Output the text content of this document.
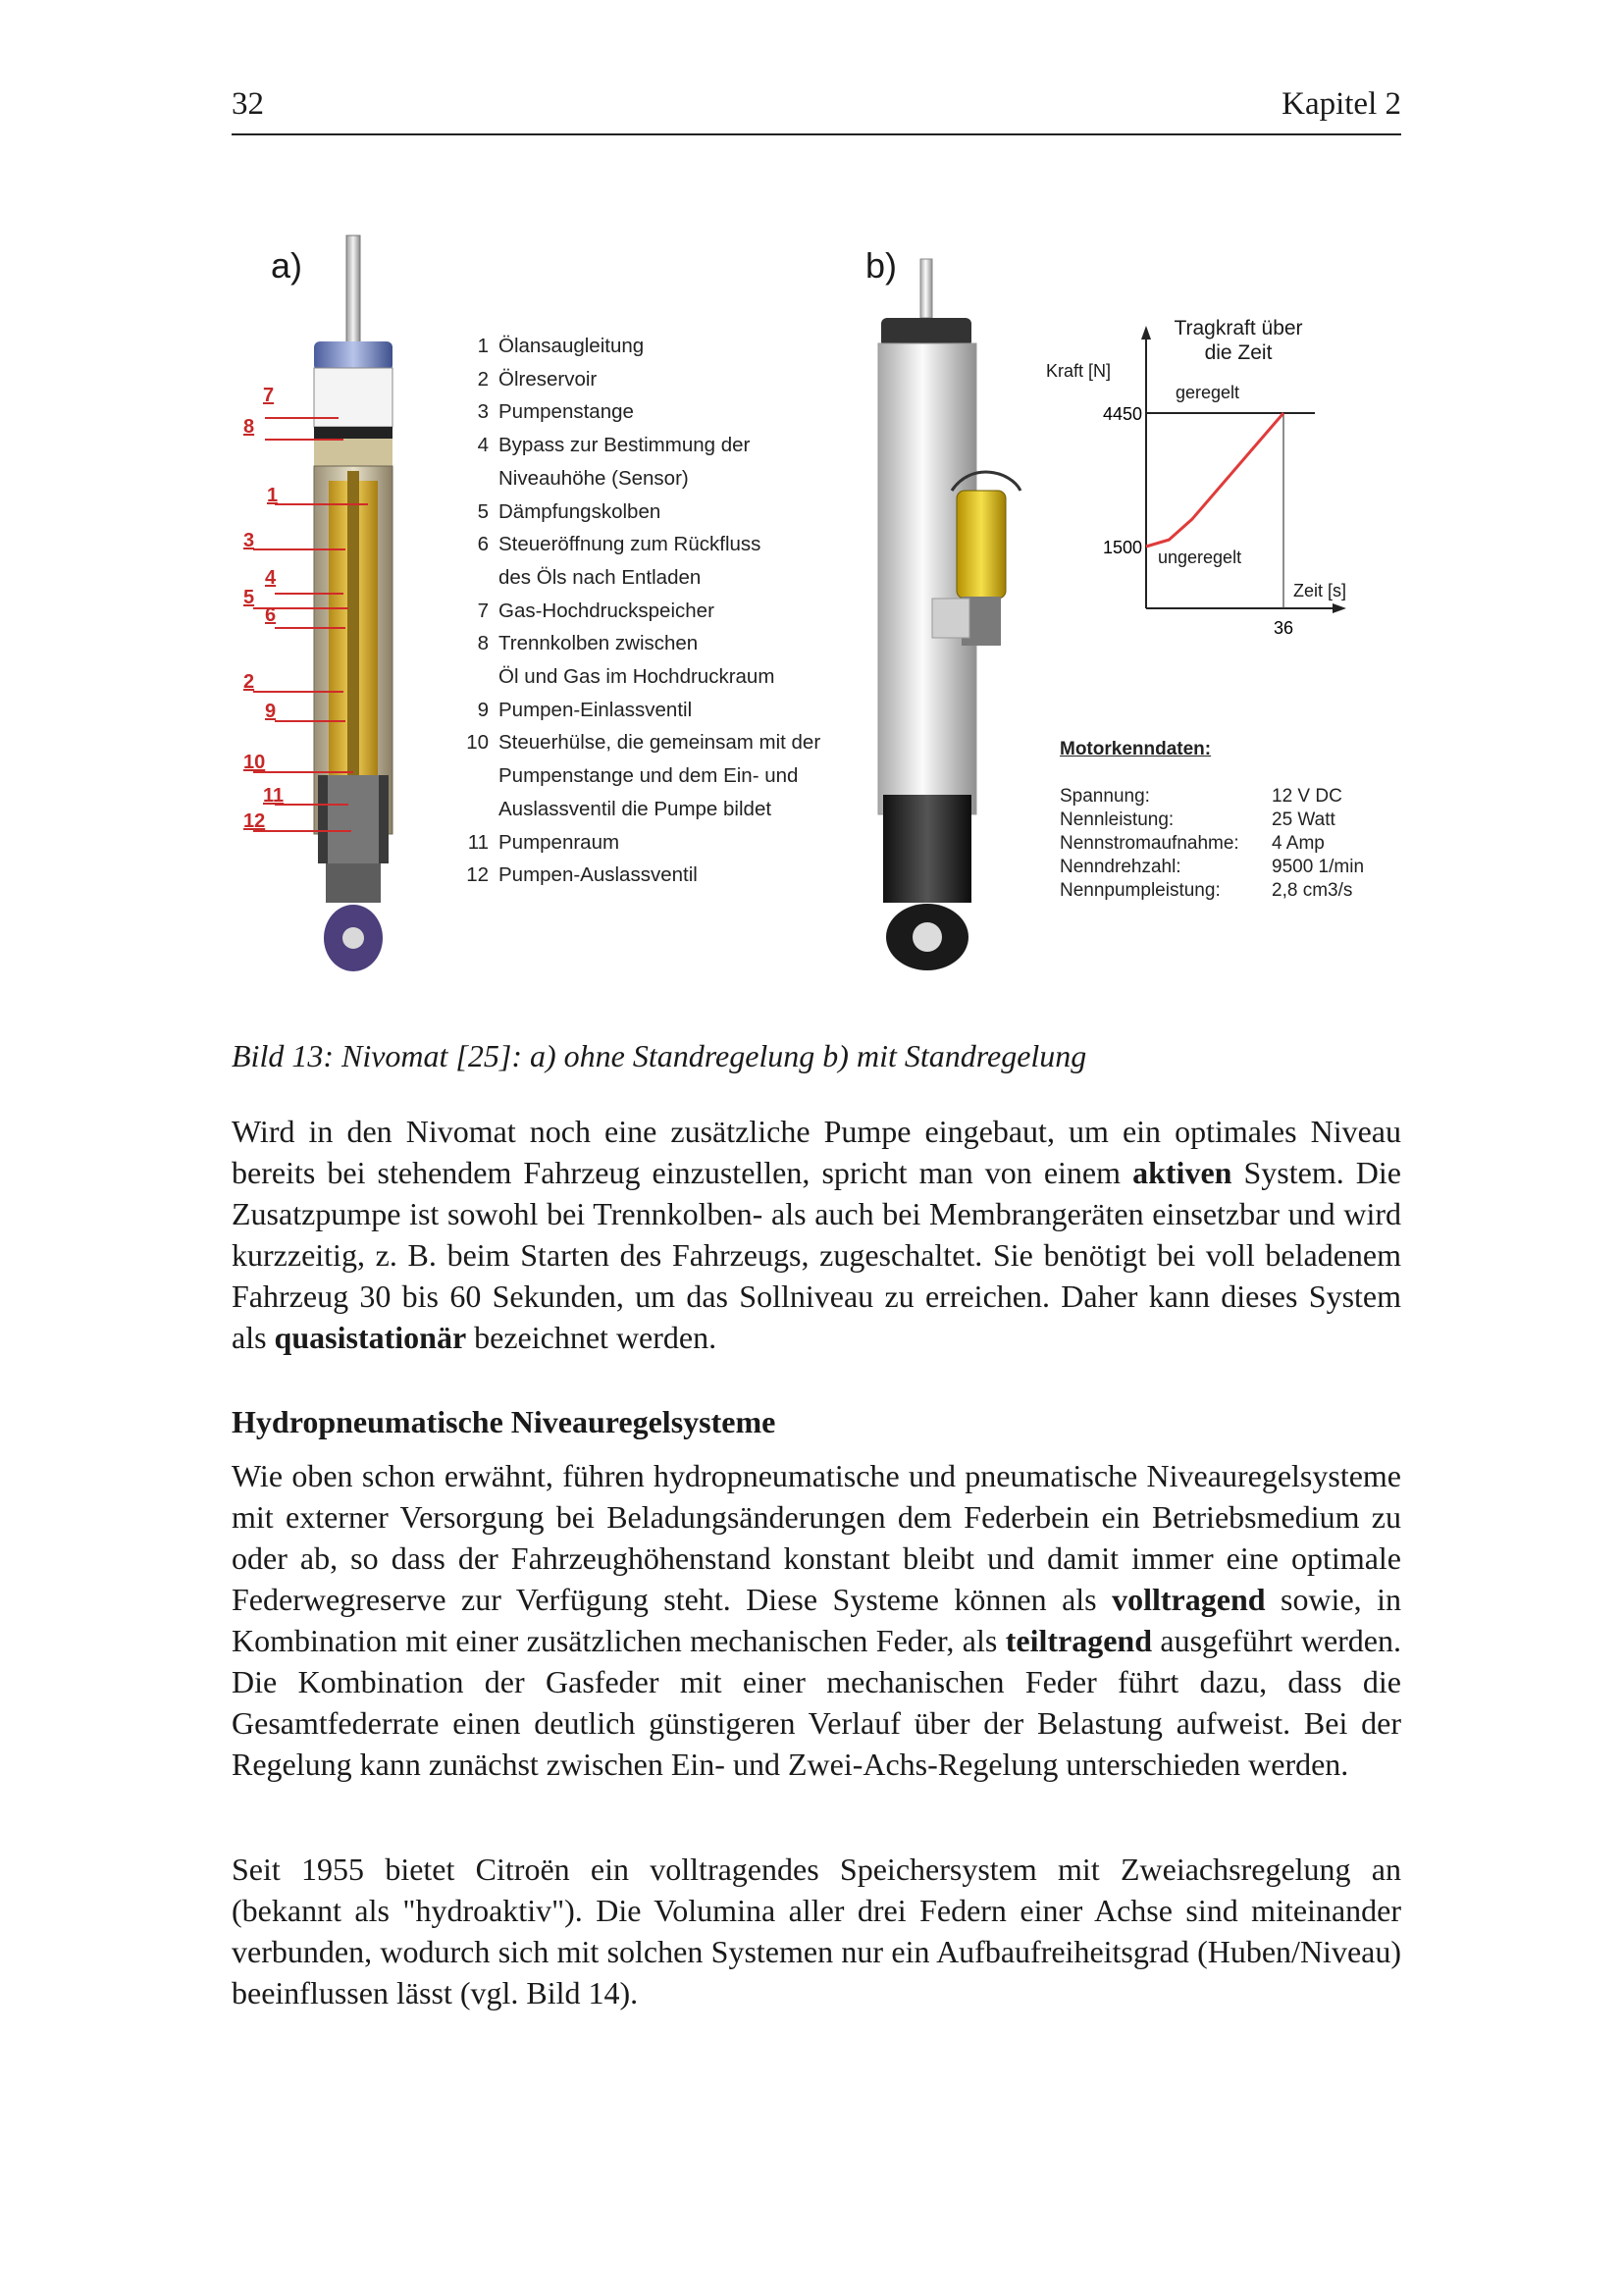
32	Kapitel 2
a)
7
8
1
3
4
5
6
2
9
10
11
12
1 Ölansaugleitung
2 Ölreservoir
3 Pumpenstange
4 Bypass zur Bestimmung der
Niveauhöhe (Sensor)
5 Dämpfungskolben
6 Steueröffnung zum Rückfluss
des Öls nach Entladen
7 Gas-Hochdruckspeicher
8 Trennkolben zwischen
Öl und Gas im Hochdruckraum
9 Pumpen-Einlassventil
10 Steuerhülse, die gemeinsam mit der
Pumpenstange und dem Ein- und
Auslassventil die Pumpe bildet
11 Pumpenraum
12 Pumpen-Auslassventil
b)
4450
1500
36
Tragkraft über
die Zeit
Kraft [N]
geregelt
ungeregelt
Zeit [s]
Motorkenndaten:
Spannung:	12 V DC
Nennleistung:	25 Watt
Nennstromaufnahme:	4 Amp
Nenndrehzahl:	9500 1/min
Nennpumpleistung:	2,8 cm3/s
Bild 13: Nivomat [25]: a) ohne Standregelung b) mit Standregelung
Wird in den Nivomat noch eine zusätzliche Pumpe eingebaut, um ein optimales Niveau bereits bei stehendem Fahrzeug einzustellen, spricht man von einem aktiven System. Die Zusatzpumpe ist sowohl bei Trennkolben- als auch bei Membrangeräten einsetzbar und wird kurzzeitig, z. B. beim Starten des Fahrzeugs, zugeschaltet. Sie benötigt bei voll beladenem Fahrzeug 30 bis 60 Sekunden, um das Sollniveau zu erreichen. Daher kann dieses System als quasistationär bezeichnet werden.
Hydropneumatische Niveauregelsysteme
Wie oben schon erwähnt, führen hydropneumatische und pneumatische Niveauregelsysteme mit externer Versorgung bei Beladungsänderungen dem Federbein ein Betriebsmedium zu oder ab, so dass der Fahrzeughöhenstand konstant bleibt und damit immer eine optimale Federwegreserve zur Verfügung steht. Diese Systeme können als volltragend sowie, in Kombination mit einer zusätzlichen mechanischen Feder, als teiltragend ausgeführt werden. Die Kombination der Gasfeder mit einer mechanischen Feder führt dazu, dass die Gesamtfederrate einen deutlich günstigeren Verlauf über der Belastung aufweist. Bei der Regelung kann zunächst zwischen Ein- und Zwei-Achs-Regelung unterschieden werden.
Seit 1955 bietet Citroën ein volltragendes Speichersystem mit Zweiachsregelung an (bekannt als "hydroaktiv"). Die Volumina aller drei Federn einer Achse sind miteinander verbunden, wodurch sich mit solchen Systemen nur ein Aufbaufreiheitsgrad (Huben/Niveau) beeinflussen lässt (vgl. Bild 14).
